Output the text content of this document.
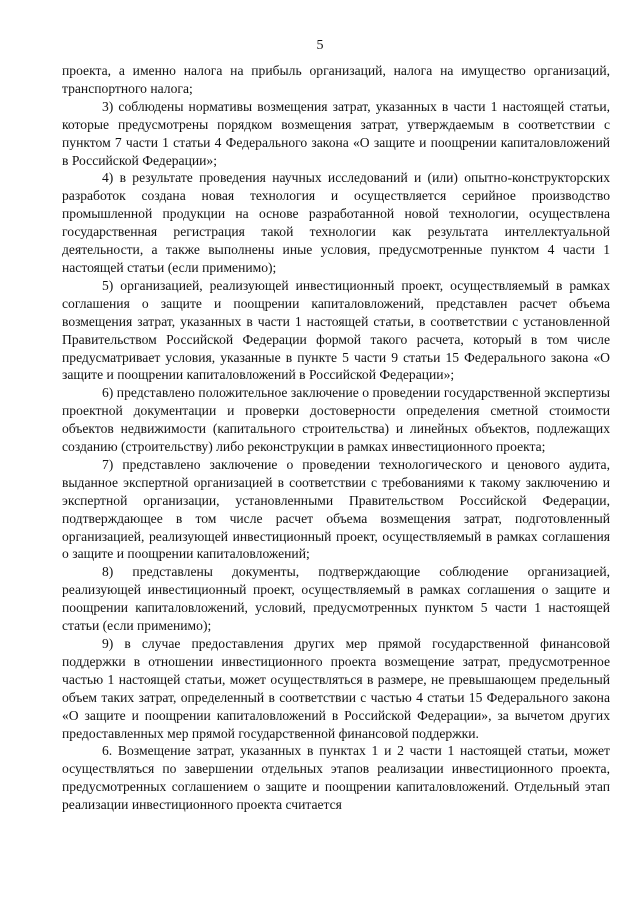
5

проекта, а именно налога на прибыль организаций, налога на имущество организаций, транспортного налога;

3) соблюдены нормативы возмещения затрат, указанных в части 1 настоящей статьи, которые предусмотрены порядком возмещения затрат, утверждаемым в соответствии с пунктом 7 части 1 статьи 4 Федерального закона «О защите и поощрении капиталовложений в Российской Федерации»;

4) в результате проведения научных исследований и (или) опытно-конструкторских разработок создана новая технология и осуществляется серийное производство промышленной продукции на основе разработанной новой технологии, осуществлена государственная регистрация такой технологии как результата интеллектуальной деятельности, а также выполнены иные условия, предусмотренные пунктом 4 части 1 настоящей статьи (если применимо);

5) организацией, реализующей инвестиционный проект, осуществляемый в рамках соглашения о защите и поощрении капиталовложений, представлен расчет объема возмещения затрат, указанных в части 1 настоящей статьи, в соответствии с установленной Правительством Российской Федерации формой такого расчета, который в том числе предусматривает условия, указанные в пункте 5 части 9 статьи 15 Федерального закона «О защите и поощрении капиталовложений в Российской Федерации»;

6) представлено положительное заключение о проведении государственной экспертизы проектной документации и проверки достоверности определения сметной стоимости объектов недвижимости (капитального строительства) и линейных объектов, подлежащих созданию (строительству) либо реконструкции в рамках инвестиционного проекта;

7) представлено заключение о проведении технологического и ценового аудита, выданное экспертной организацией в соответствии с требованиями к такому заключению и экспертной организации, установленными Правительством Российской Федерации, подтверждающее в том числе расчет объема возмещения затрат, подготовленный организацией, реализующей инвестиционный проект, осуществляемый в рамках соглашения о защите и поощрении капиталовложений;

8) представлены документы, подтверждающие соблюдение организацией, реализующей инвестиционный проект, осуществляемый в рамках соглашения о защите и поощрении капиталовложений, условий, предусмотренных пунктом 5 части 1 настоящей статьи (если применимо);

9) в случае предоставления других мер прямой государственной финансовой поддержки в отношении инвестиционного проекта возмещение затрат, предусмотренное частью 1 настоящей статьи, может осуществляться в размере, не превышающем предельный объем таких затрат, определенный в соответствии с частью 4 статьи 15 Федерального закона «О защите и поощрении капиталовложений в Российской Федерации», за вычетом других предоставленных мер прямой государственной финансовой поддержки.

6. Возмещение затрат, указанных в пунктах 1 и 2 части 1 настоящей статьи, может осуществляться по завершении отдельных этапов реализации инвестиционного проекта, предусмотренных соглашением о защите и поощрении капиталовложений. Отдельный этап реализации инвестиционного проекта считается
